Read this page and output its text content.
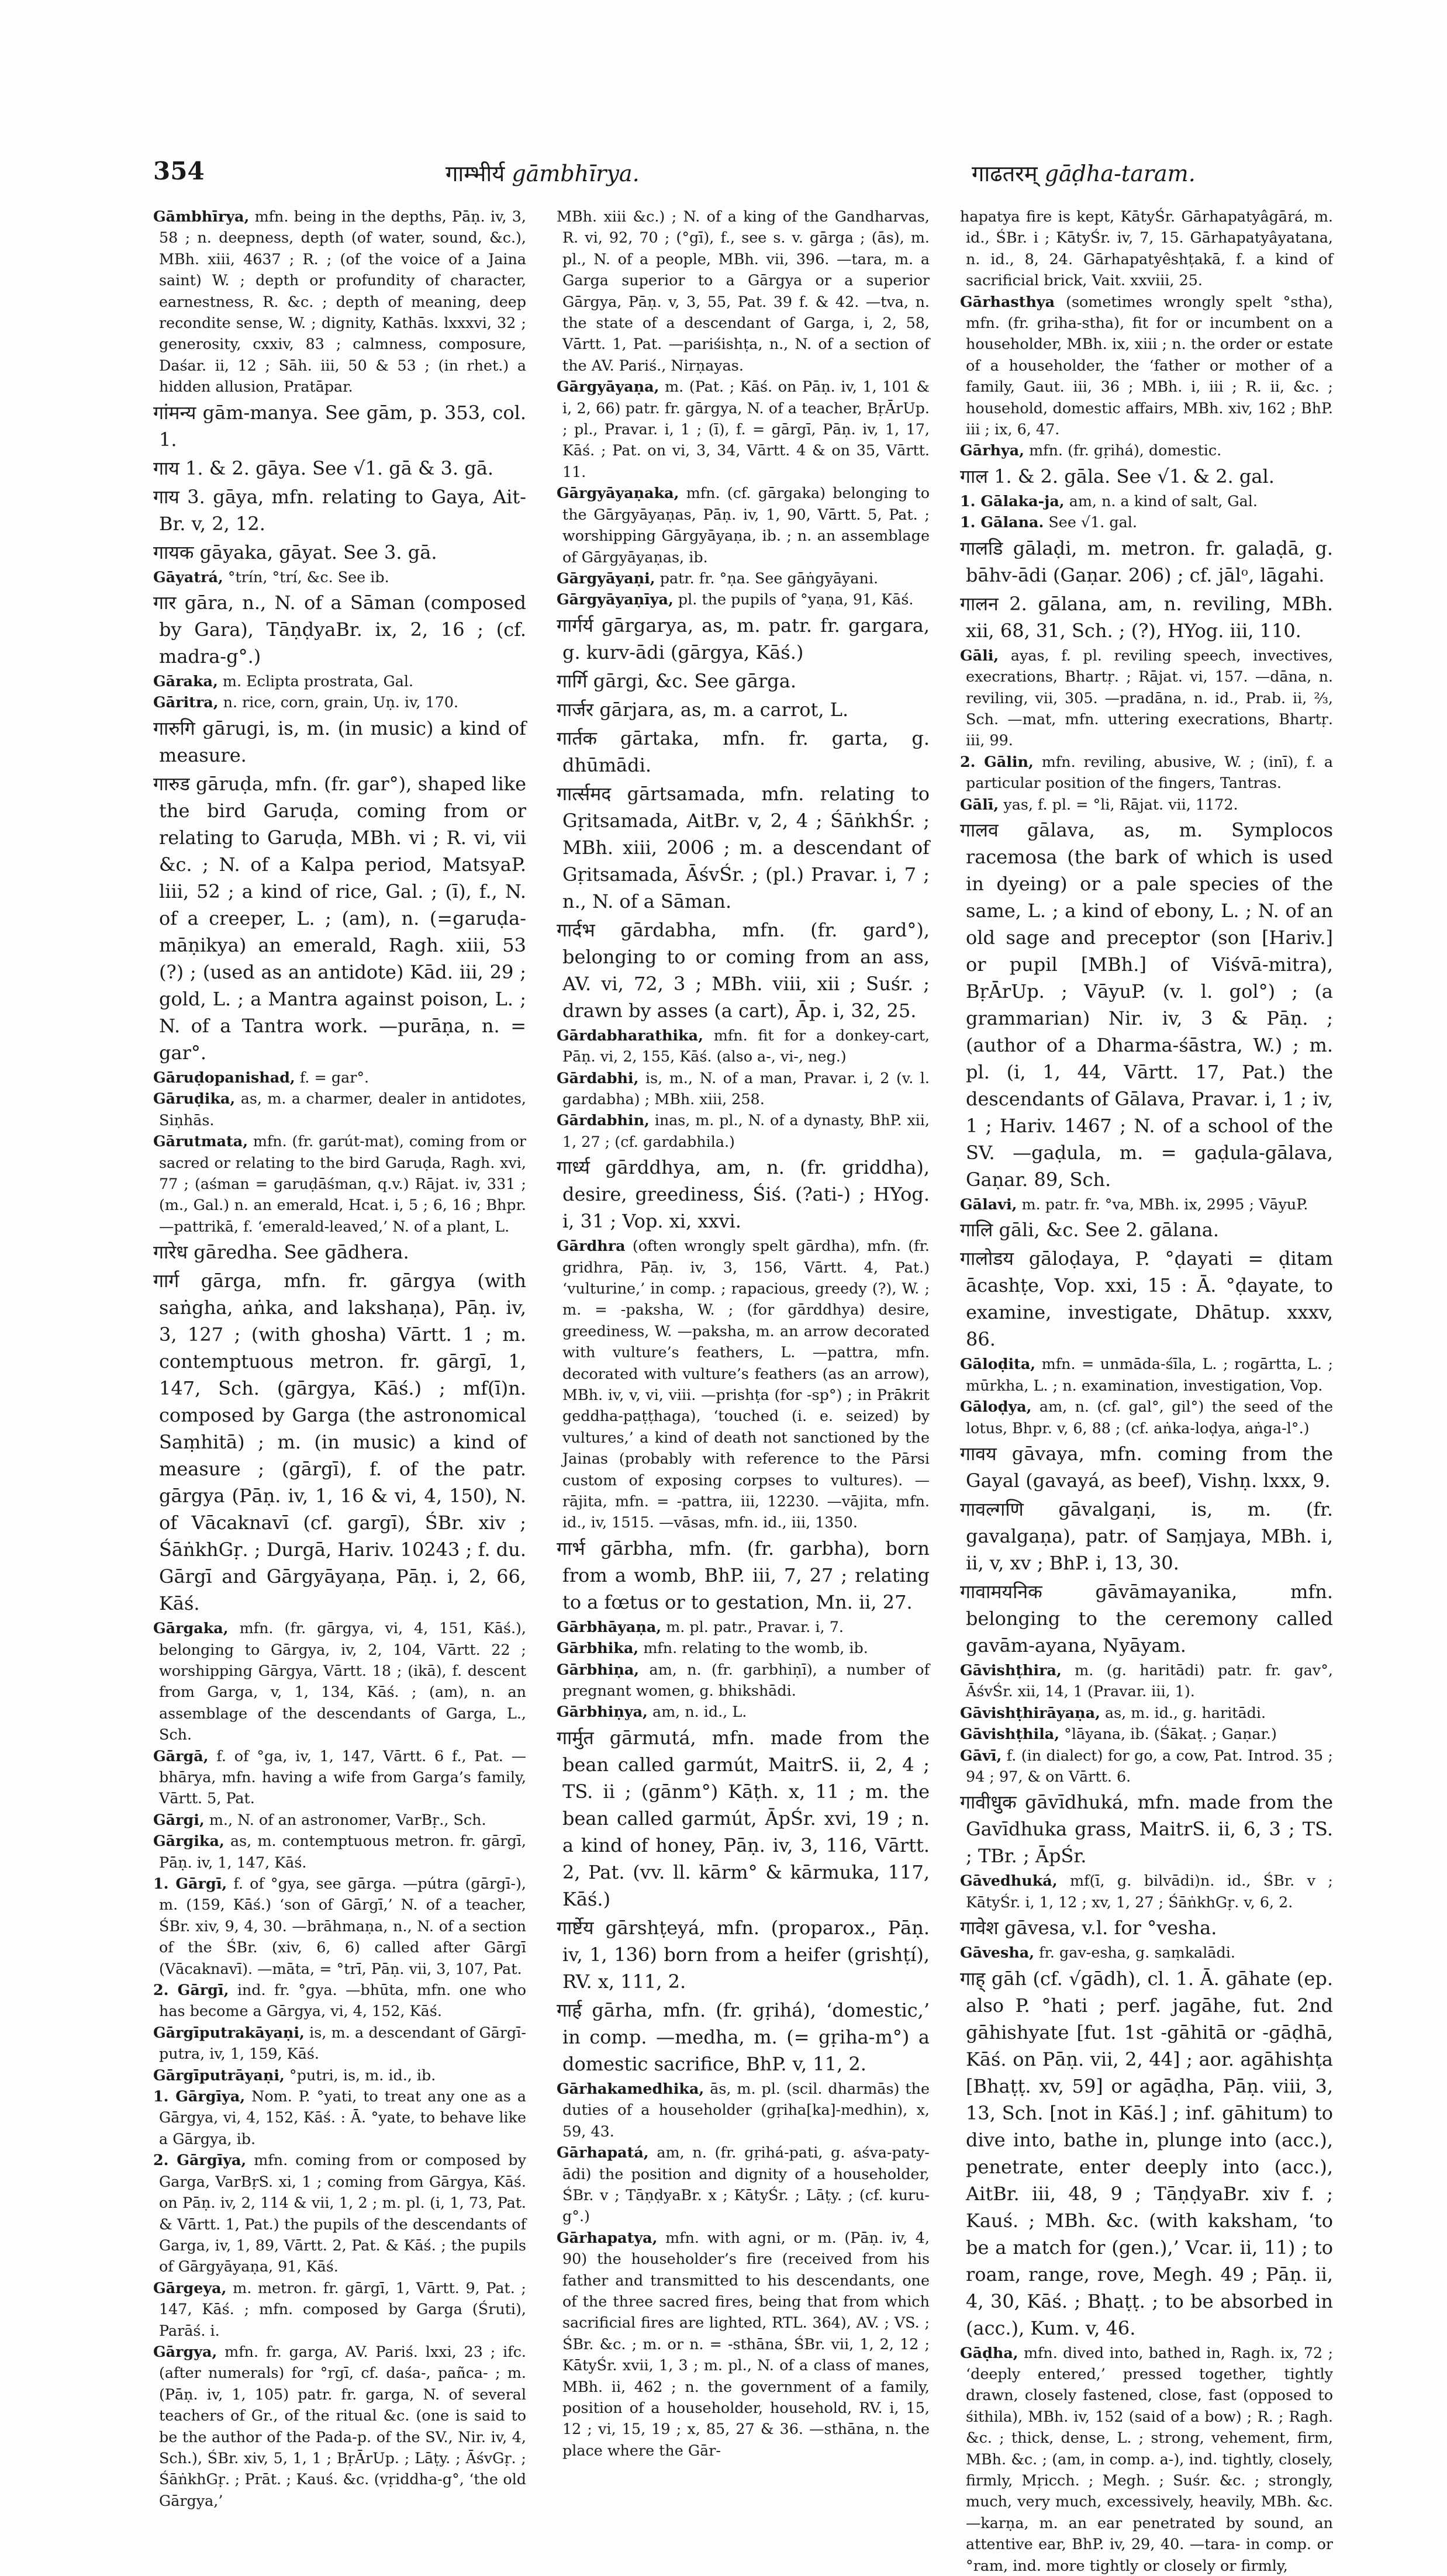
354	गाम्भीर्य gāmbhīrya.	गाढतरम् gāḍha-taram.

Gāmbhīrya, mfn. being in the depths, Pāṇ. iv, 3, 58 ; n. deepness, depth (of water, sound, &c.), MBh. xiii, 4637 ; R. ; (of the voice of a Jaina saint) W. ; depth or profundity of character, earnestness, R. &c. ; depth of meaning, deep recondite sense, W. ; dignity, Kathās. lxxxvi, 32 ; generosity, cxxiv, 83 ; calmness, composure, Daśar. ii, 12 ; Sāh. iii, 50 & 53 ; (in rhet.) a hidden allusion, Pratāpar.

गांमन्य gām-manya. See gām, p. 353, col. 1.

गाय 1. & 2. gāya. See √1. gā & 3. gā.

गाय 3. gāya, mfn. relating to Gaya, Ait-Br. v, 2, 12.

गायक gāyaka, gāyat. See 3. gā.

Gāyatrá, °trín, °trí, &c. See ib.

गार gāra, n., N. of a Sāman (composed by Gara), TāṇḍyaBr. ix, 2, 16 ; (cf. madra-g°.)

Gāraka, m. Eclipta prostrata, Gal.

Gāritra, n. rice, corn, grain, Uṇ. iv, 170.

गारुगि gārugi, is, m. (in music) a kind of measure.

गारुड gāruḍa, mfn. (fr. gar°), shaped like the bird Garuḍa, coming from or relating to Garuḍa, MBh. vi ; R. vi, vii &c. ; N. of a Kalpa period, MatsyaP. liii, 52 ; a kind of rice, Gal. ; (ī), f., N. of a creeper, L. ; (am), n. (=garuḍa-māṇikya) an emerald, Ragh. xiii, 53 (?) ; (used as an antidote) Kād. iii, 29 ; gold, L. ; a Mantra against poison, L. ; N. of a Tantra work. —purāṇa, n. = gar°.

Gāruḍopanishad, f. = gar°.

Gāruḍika, as, m. a charmer, dealer in antidotes, Siṇhās.

Gārutmata, mfn. (fr. garút-mat), coming from or sacred or relating to the bird Garuḍa, Ragh. xvi, 77 ; (aśman = garuḍāśman, q.v.) Rājat. iv, 331 ; (m., Gal.) n. an emerald, Hcat. i, 5 ; 6, 16 ; Bhpr. —pattrikā, f. ‘emerald-leaved,’ N. of a plant, L.

गारेध gāredha. See gādhera.

गार्ग gārga, mfn. fr. gārgya (with saṅgha, aṅka, and lakshaṇa), Pāṇ. iv, 3, 127 ; (with ghosha) Vārtt. 1 ; m. contemptuous metron. fr. gārgī, 1, 147, Sch. (gārgya, Kāś.) ; mf(ī)n. composed by Garga (the astronomical Saṃhitā) ; m. (in music) a kind of measure ; (gārgī), f. of the patr. gārgya (Pāṇ. iv, 1, 16 & vi, 4, 150), N. of Vācaknavī (cf. gargī), ŚBr. xiv ; ŚāṅkhGṛ. ; Durgā, Hariv. 10243 ; f. du. Gārgī and Gārgyāyaṇa, Pāṇ. i, 2, 66, Kāś.

Gārgaka, mfn. (fr. gārgya, vi, 4, 151, Kāś.), belonging to Gārgya, iv, 2, 104, Vārtt. 22 ; worshipping Gārgya, Vārtt. 18 ; (ikā), f. descent from Garga, v, 1, 134, Kāś. ; (am), n. an assemblage of the descendants of Garga, L., Sch.

Gārgā, f. of °ga, iv, 1, 147, Vārtt. 6 f., Pat. —bhārya, mfn. having a wife from Garga’s family, Vārtt. 5, Pat.

Gārgi, m., N. of an astronomer, VarBṛ., Sch.

Gārgika, as, m. contemptuous metron. fr. gārgī, Pāṇ. iv, 1, 147, Kāś.

1. Gārgī, f. of °gya, see gārga. —pútra (gārgī-), m. (159, Kāś.) ‘son of Gārgī,’ N. of a teacher, ŚBr. xiv, 9, 4, 30. —brāhmaṇa, n., N. of a section of the ŚBr. (xiv, 6, 6) called after Gārgī (Vācaknavī). —māta, = °trī, Pāṇ. vii, 3, 107, Pat.

2. Gārgī, ind. fr. °gya. —bhūta, mfn. one who has become a Gārgya, vi, 4, 152, Kāś.

Gārgīputrakāyaṇi, is, m. a descendant of Gārgī-putra, iv, 1, 159, Kāś.

Gārgīputrāyaṇi, °putri, is, m. id., ib.

1. Gārgīya, Nom. P. °yati, to treat any one as a Gārgya, vi, 4, 152, Kāś. : Ā. °yate, to behave like a Gārgya, ib.

2. Gārgīya, mfn. coming from or composed by Garga, VarBṛS. xi, 1 ; coming from Gārgya, Kāś. on Pāṇ. iv, 2, 114 & vii, 1, 2 ; m. pl. (i, 1, 73, Pat. & Vārtt. 1, Pat.) the pupils of the descendants of Garga, iv, 1, 89, Vārtt. 2, Pat. & Kāś. ; the pupils of Gārgyāyaṇa, 91, Kāś.

Gārgeya, m. metron. fr. gārgī, 1, Vārtt. 9, Pat. ; 147, Kāś. ; mfn. composed by Garga (Śruti), Parāś. i.

Gārgya, mfn. fr. garga, AV. Pariś. lxxi, 23 ; ifc. (after numerals) for °rgī, cf. daśa-, pañca- ; m. (Pāṇ. iv, 1, 105) patr. fr. garga, N. of several teachers of Gr., of the ritual &c. (one is said to be the author of the Pada-p. of the SV., Nir. iv, 4, Sch.), ŚBr. xiv, 5, 1, 1 ; BṛĀrUp. ; Lāṭy. ; ĀśvGṛ. ; ŚāṅkhGṛ. ; Prāt. ; Kauś. &c. (vṛiddha-g°, ‘the old Gārgya,’

MBh. xiii &c.) ; N. of a king of the Gandharvas, R. vi, 92, 70 ; (°gī), f., see s. v. gārga ; (ās), m. pl., N. of a people, MBh. vii, 396. —tara, m. a Garga superior to a Gārgya or a superior Gārgya, Pāṇ. v, 3, 55, Pat. 39 f. & 42. —tva, n. the state of a descendant of Garga, i, 2, 58, Vārtt. 1, Pat. —pariśishṭa, n., N. of a section of the AV. Pariś., Nirṇayas.

Gārgyāyaṇa, m. (Pat. ; Kāś. on Pāṇ. iv, 1, 101 & i, 2, 66) patr. fr. gārgya, N. of a teacher, BṛĀrUp. ; pl., Pravar. i, 1 ; (ī), f. = gārgī, Pāṇ. iv, 1, 17, Kāś. ; Pat. on vi, 3, 34, Vārtt. 4 & on 35, Vārtt. 11.

Gārgyāyaṇaka, mfn. (cf. gārgaka) belonging to the Gārgyāyaṇas, Pāṇ. iv, 1, 90, Vārtt. 5, Pat. ; worshipping Gārgyāyaṇa, ib. ; n. an assemblage of Gārgyāyaṇas, ib.

Gārgyāyaṇi, patr. fr. °ṇa. See gāṅgyāyani.

Gārgyāyaṇīya, pl. the pupils of °yaṇa, 91, Kāś.

गार्गर्य gārgarya, as, m. patr. fr. gargara, g. kurv-ādi (gārgya, Kāś.)

गार्गि gārgi, &c. See gārga.

गार्जर gārjara, as, m. a carrot, L.

गार्तक gārtaka, mfn. fr. garta, g. dhūmādi.

गार्त्समद gārtsamada, mfn. relating to Gṛitsamada, AitBr. v, 2, 4 ; ŚāṅkhŚr. ; MBh. xiii, 2006 ; m. a descendant of Gṛitsamada, ĀśvŚr. ; (pl.) Pravar. i, 7 ; n., N. of a Sāman.

गार्दभ gārdabha, mfn. (fr. gard°), belonging to or coming from an ass, AV. vi, 72, 3 ; MBh. viii, xii ; Suśr. ; drawn by asses (a cart), Āp. i, 32, 25.

Gārdabharathika, mfn. fit for a donkey-cart, Pāṇ. vi, 2, 155, Kāś. (also a-, vi-, neg.)

Gārdabhi, is, m., N. of a man, Pravar. i, 2 (v. l. gardabha) ; MBh. xiii, 258.

Gārdabhin, inas, m. pl., N. of a dynasty, BhP. xii, 1, 27 ; (cf. gardabhila.)

गार्ध्य gārddhya, am, n. (fr. griddha), desire, greediness, Śiś. (?ati-) ; HYog. i, 31 ; Vop. xi, xxvi.

Gārdhra (often wrongly spelt gārdha), mfn. (fr. gridhra, Pāṇ. iv, 3, 156, Vārtt. 4, Pat.) ‘vulturine,’ in comp. ; rapacious, greedy (?), W. ; m. = -paksha, W. ; (for gārddhya) desire, greediness, W. —paksha, m. an arrow decorated with vulture’s feathers, L. —pattra, mfn. decorated with vulture’s feathers (as an arrow), MBh. iv, v, vi, viii. —prishṭa (for -sp°) ; in Prākrit geddha-paṭṭhaga), ‘touched (i. e. seized) by vultures,’ a kind of death not sanctioned by the Jainas (probably with reference to the Pārsi custom of exposing corpses to vultures). —rājita, mfn. = -pattra, iii, 12230. —vājita, mfn. id., iv, 1515. —vāsas, mfn. id., iii, 1350.

गार्भ gārbha, mfn. (fr. garbha), born from a womb, BhP. iii, 7, 27 ; relating to a fœtus or to gestation, Mn. ii, 27.

Gārbhāyaṇa, m. pl. patr., Pravar. i, 7.

Gārbhika, mfn. relating to the womb, ib.

Gārbhiṇa, am, n. (fr. garbhiṇī), a number of pregnant women, g. bhikshādi.

Gārbhiṇya, am, n. id., L.

गार्मुत gārmutá, mfn. made from the bean called garmút, MaitrS. ii, 2, 4 ; TS. ii ; (gānm°) Kāṭh. x, 11 ; m. the bean called garmút, ĀpŚr. xvi, 19 ; n. a kind of honey, Pāṇ. iv, 3, 116, Vārtt. 2, Pat. (vv. ll. kārm° & kārmuka, 117, Kāś.)

गार्ष्टेय gārshṭeyá, mfn. (proparox., Pāṇ. iv, 1, 136) born from a heifer (grishṭí), RV. x, 111, 2.

गार्ह gārha, mfn. (fr. gṛihá), ‘domestic,’ in comp. —medha, m. (= gṛiha-m°) a domestic sacrifice, BhP. v, 11, 2.

Gārhakamedhika, ās, m. pl. (scil. dharmās) the duties of a householder (gṛiha[ka]-medhin), x, 59, 43.

Gārhapatá, am, n. (fr. gṛihá-pati, g. aśva-paty-ādi) the position and dignity of a householder, ŚBr. v ; TāṇḍyaBr. x ; KātyŚr. ; Lāṭy. ; (cf. kuru-g°.)

Gārhapatya, mfn. with agni, or m. (Pāṇ. iv, 4, 90) the householder’s fire (received from his father and transmitted to his descendants, one of the three sacred fires, being that from which sacrificial fires are lighted, RTL. 364), AV. ; VS. ; ŚBr. &c. ; m. or n. = -sthāna, ŚBr. vii, 1, 2, 12 ; KātyŚr. xvii, 1, 3 ; m. pl., N. of a class of manes, MBh. ii, 462 ; n. the government of a family, position of a householder, household, RV. i, 15, 12 ; vi, 15, 19 ; x, 85, 27 & 36. —sthāna, n. the place where the Gār-

hapatya fire is kept, KātyŚr. Gārhapatyâgārá, m. id., ŚBr. i ; KātyŚr. iv, 7, 15. Gārhapatyâyatana, n. id., 8, 24. Gārhapatyêshṭakā, f. a kind of sacrificial brick, Vait. xxviii, 25.

Gārhasthya (sometimes wrongly spelt °stha), mfn. (fr. griha-stha), fit for or incumbent on a householder, MBh. ix, xiii ; n. the order or estate of a householder, the ‘father or mother of a family, Gaut. iii, 36 ; MBh. i, iii ; R. ii, &c. ; household, domestic affairs, MBh. xiv, 162 ; BhP. iii ; ix, 6, 47.

Gārhya, mfn. (fr. gṛihá), domestic.

गाल 1. & 2. gāla. See √1. & 2. gal.

1. Gālaka-ja, am, n. a kind of salt, Gal.

1. Gālana. See √1. gal.

गालडि gālaḍi, m. metron. fr. galaḍā, g. bāhv-ādi (Gaṇar. 206) ; cf. jālᵒ, lāgahi.

गालन 2. gālana, am, n. reviling, MBh. xii, 68, 31, Sch. ; (?), HYog. iii, 110.

Gāli, ayas, f. pl. reviling speech, invectives, execrations, Bhartṛ. ; Rājat. vi, 157. —dāna, n. reviling, vii, 305. —pradāna, n. id., Prab. ii, ⅔, Sch. —mat, mfn. uttering execrations, Bhartṛ. iii, 99.

2. Gālin, mfn. reviling, abusive, W. ; (inī), f. a particular position of the fingers, Tantras.

Gālī, yas, f. pl. = °li, Rājat. vii, 1172.

गालव gālava, as, m. Symplocos racemosa (the bark of which is used in dyeing) or a pale species of the same, L. ; a kind of ebony, L. ; N. of an old sage and preceptor (son [Hariv.] or pupil [MBh.] of Viśvā-mitra), BṛĀrUp. ; VāyuP. (v. l. gol°) ; (a grammarian) Nir. iv, 3 & Pāṇ. ; (author of a Dharma-śāstra, W.) ; m. pl. (i, 1, 44, Vārtt. 17, Pat.) the descendants of Gālava, Pravar. i, 1 ; iv, 1 ; Hariv. 1467 ; N. of a school of the SV. —gaḍula, m. = gaḍula-gālava, Gaṇar. 89, Sch.

Gālavi, m. patr. fr. °va, MBh. ix, 2995 ; VāyuP.

गालि gāli, &c. See 2. gālana.

गालोडय gāloḍaya, P. °ḍayati = ḍitam ācashṭe, Vop. xxi, 15 : Ā. °ḍayate, to examine, investigate, Dhātup. xxxv, 86.

Gāloḍita, mfn. = unmāda-śīla, L. ; rogārtta, L. ; mūrkha, L. ; n. examination, investigation, Vop.

Gāloḍya, am, n. (cf. gal°, gil°) the seed of the lotus, Bhpr. v, 6, 88 ; (cf. aṅka-loḍya, aṅga-l°.)

गावय gāvaya, mfn. coming from the Gayal (gavayá, as beef), Vishṇ. lxxx, 9.

गावल्गणि gāvalgaṇi, is, m. (fr. gavalgaṇa), patr. of Saṃjaya, MBh. i, ii, v, xv ; BhP. i, 13, 30.

गावामयनिक gāvāmayanika, mfn. belonging to the ceremony called gavām-ayana, Nyāyam.

Gāvishṭhira, m. (g. haritādi) patr. fr. gav°, ĀśvŚr. xii, 14, 1 (Pravar. iii, 1).

Gāvishṭhirāyaṇa, as, m. id., g. haritādi.

Gāvishṭhila, °lāyana, ib. (Śākaṭ. ; Gaṇar.)

Gāvī, f. (in dialect) for go, a cow, Pat. Introd. 35 ; 94 ; 97, & on Vārtt. 6.

गावीधुक gāvīdhuká, mfn. made from the Gavīdhuka grass, MaitrS. ii, 6, 3 ; TS. ; TBr. ; ĀpŚr.

Gāvedhuká, mf(ī, g. bilvādi)n. id., ŚBr. v ; KātyŚr. i, 1, 12 ; xv, 1, 27 ; ŚāṅkhGṛ. v, 6, 2.

गावेश gāvesa, v.l. for °vesha.

Gāvesha, fr. gav-esha, g. saṃkalādi.

गाह् gāh (cf. √gādh), cl. 1. Ā. gāhate (ep. also P. °hati ; perf. jagāhe, fut. 2nd gāhishyate [fut. 1st -gāhitā or -gāḍhā, Kāś. on Pāṇ. vii, 2, 44] ; aor. agāhishṭa [Bhaṭṭ. xv, 59] or agāḍha, Pāṇ. viii, 3, 13, Sch. [not in Kāś.] ; inf. gāhitum) to dive into, bathe in, plunge into (acc.), penetrate, enter deeply into (acc.), AitBr. iii, 48, 9 ; TāṇḍyaBr. xiv f. ; Kauś. ; MBh. &c. (with kaksham, ‘to be a match for (gen.),’ Vcar. ii, 11) ; to roam, range, rove, Megh. 49 ; Pāṇ. ii, 4, 30, Kāś. ; Bhaṭṭ. ; to be absorbed in (acc.), Kum. v, 46.

Gāḍha, mfn. dived into, bathed in, Ragh. ix, 72 ; ‘deeply entered,’ pressed together, tightly drawn, closely fastened, close, fast (opposed to śithila), MBh. iv, 152 (said of a bow) ; R. ; Ragh. &c. ; thick, dense, L. ; strong, vehement, firm, MBh. &c. ; (am, in comp. a-), ind. tightly, closely, firmly, Mṛicch. ; Megh. ; Suśr. &c. ; strongly, much, very much, excessively, heavily, MBh. &c. —karṇa, m. an ear penetrated by sound, an attentive ear, BhP. iv, 29, 40. —tara- in comp. or °ram, ind. more tightly or closely or firmly,
